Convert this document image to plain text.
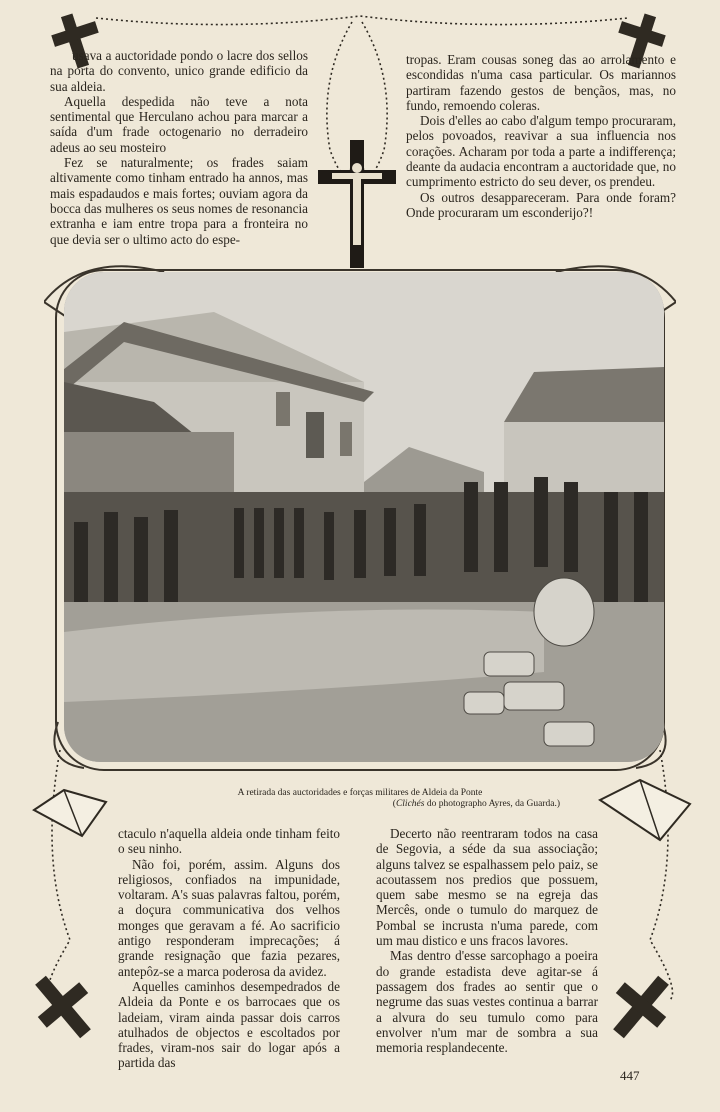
usava a auctoridade pondo o lacre dos sellos na porta do convento, unico grande edificio da sua aldeia.

Aquella despedida não teve a nota sentimental que Herculano achou para marcar a saída d'um frade octogenario no derradeiro adeus ao seu mosteiro

Fez se naturalmente; os frades saiam altivamente como tinham entrado ha annos, mas mais espadaudos e mais fortes; ouviam agora da bocca das mulheres os seus nomes de resonancia extranha e iam entre tropa para a fronteira no que devia ser o ultimo acto do espe-

tropas. Eram cousas soneg das ao arrolamento e escondidas n'uma casa particular. Os mariannos partiram fazendo gestos de bençãos, mas, no fundo, remoendo coleras.

Dois d'elles ao cabo d'algum tempo procuraram, pelos povoados, reavivar a sua influencia nos corações. Acharam por toda a parte a indifferença; deante da audacia encontram a auctoridade que, no cumprimento estricto do seu dever, os prendeu.

Os outros desappareceram. Para onde foram? Onde procuraram um esconderijo?!

A retirada das auctoridades e forças militares de Aldeia da Ponte
(Clichés do photographo Ayres, da Guarda.)

ctaculo n'aquella aldeia onde tinham feito o seu ninho.

Não foi, porém, assim. Alguns dos religiosos, confiados na impunidade, voltaram. A's suas palavras faltou, porém, a doçura communicativa dos velhos monges que geravam a fé. Ao sacrificio antigo responderam imprecações; á grande resignação que fazia pezares, antepôz-se a marca poderosa da avidez.

Aquelles caminhos desempedrados de Aldeia da Ponte e os barrocaes que os ladeiam, viram ainda passar dois carros atulhados de objectos e escoltados por frades, viram-nos sair do logar após a partida das

Decerto não reentraram todos na casa de Segovia, a séde da sua associação; alguns talvez se espalhassem pelo paiz, se acoutassem nos predios que possuem, quem sabe mesmo se na egreja das Mercês, onde o tumulo do marquez de Pombal se incrusta n'uma parede, com um mau distico e uns fracos lavores.

Mas dentro d'esse sarcophago a poeira do grande estadista deve agitar-se á passagem dos frades ao sentir que o negrume das suas vestes continua a barrar a alvura do seu tumulo como para envolver n'um mar de sombra a sua memoria resplandecente.

447
